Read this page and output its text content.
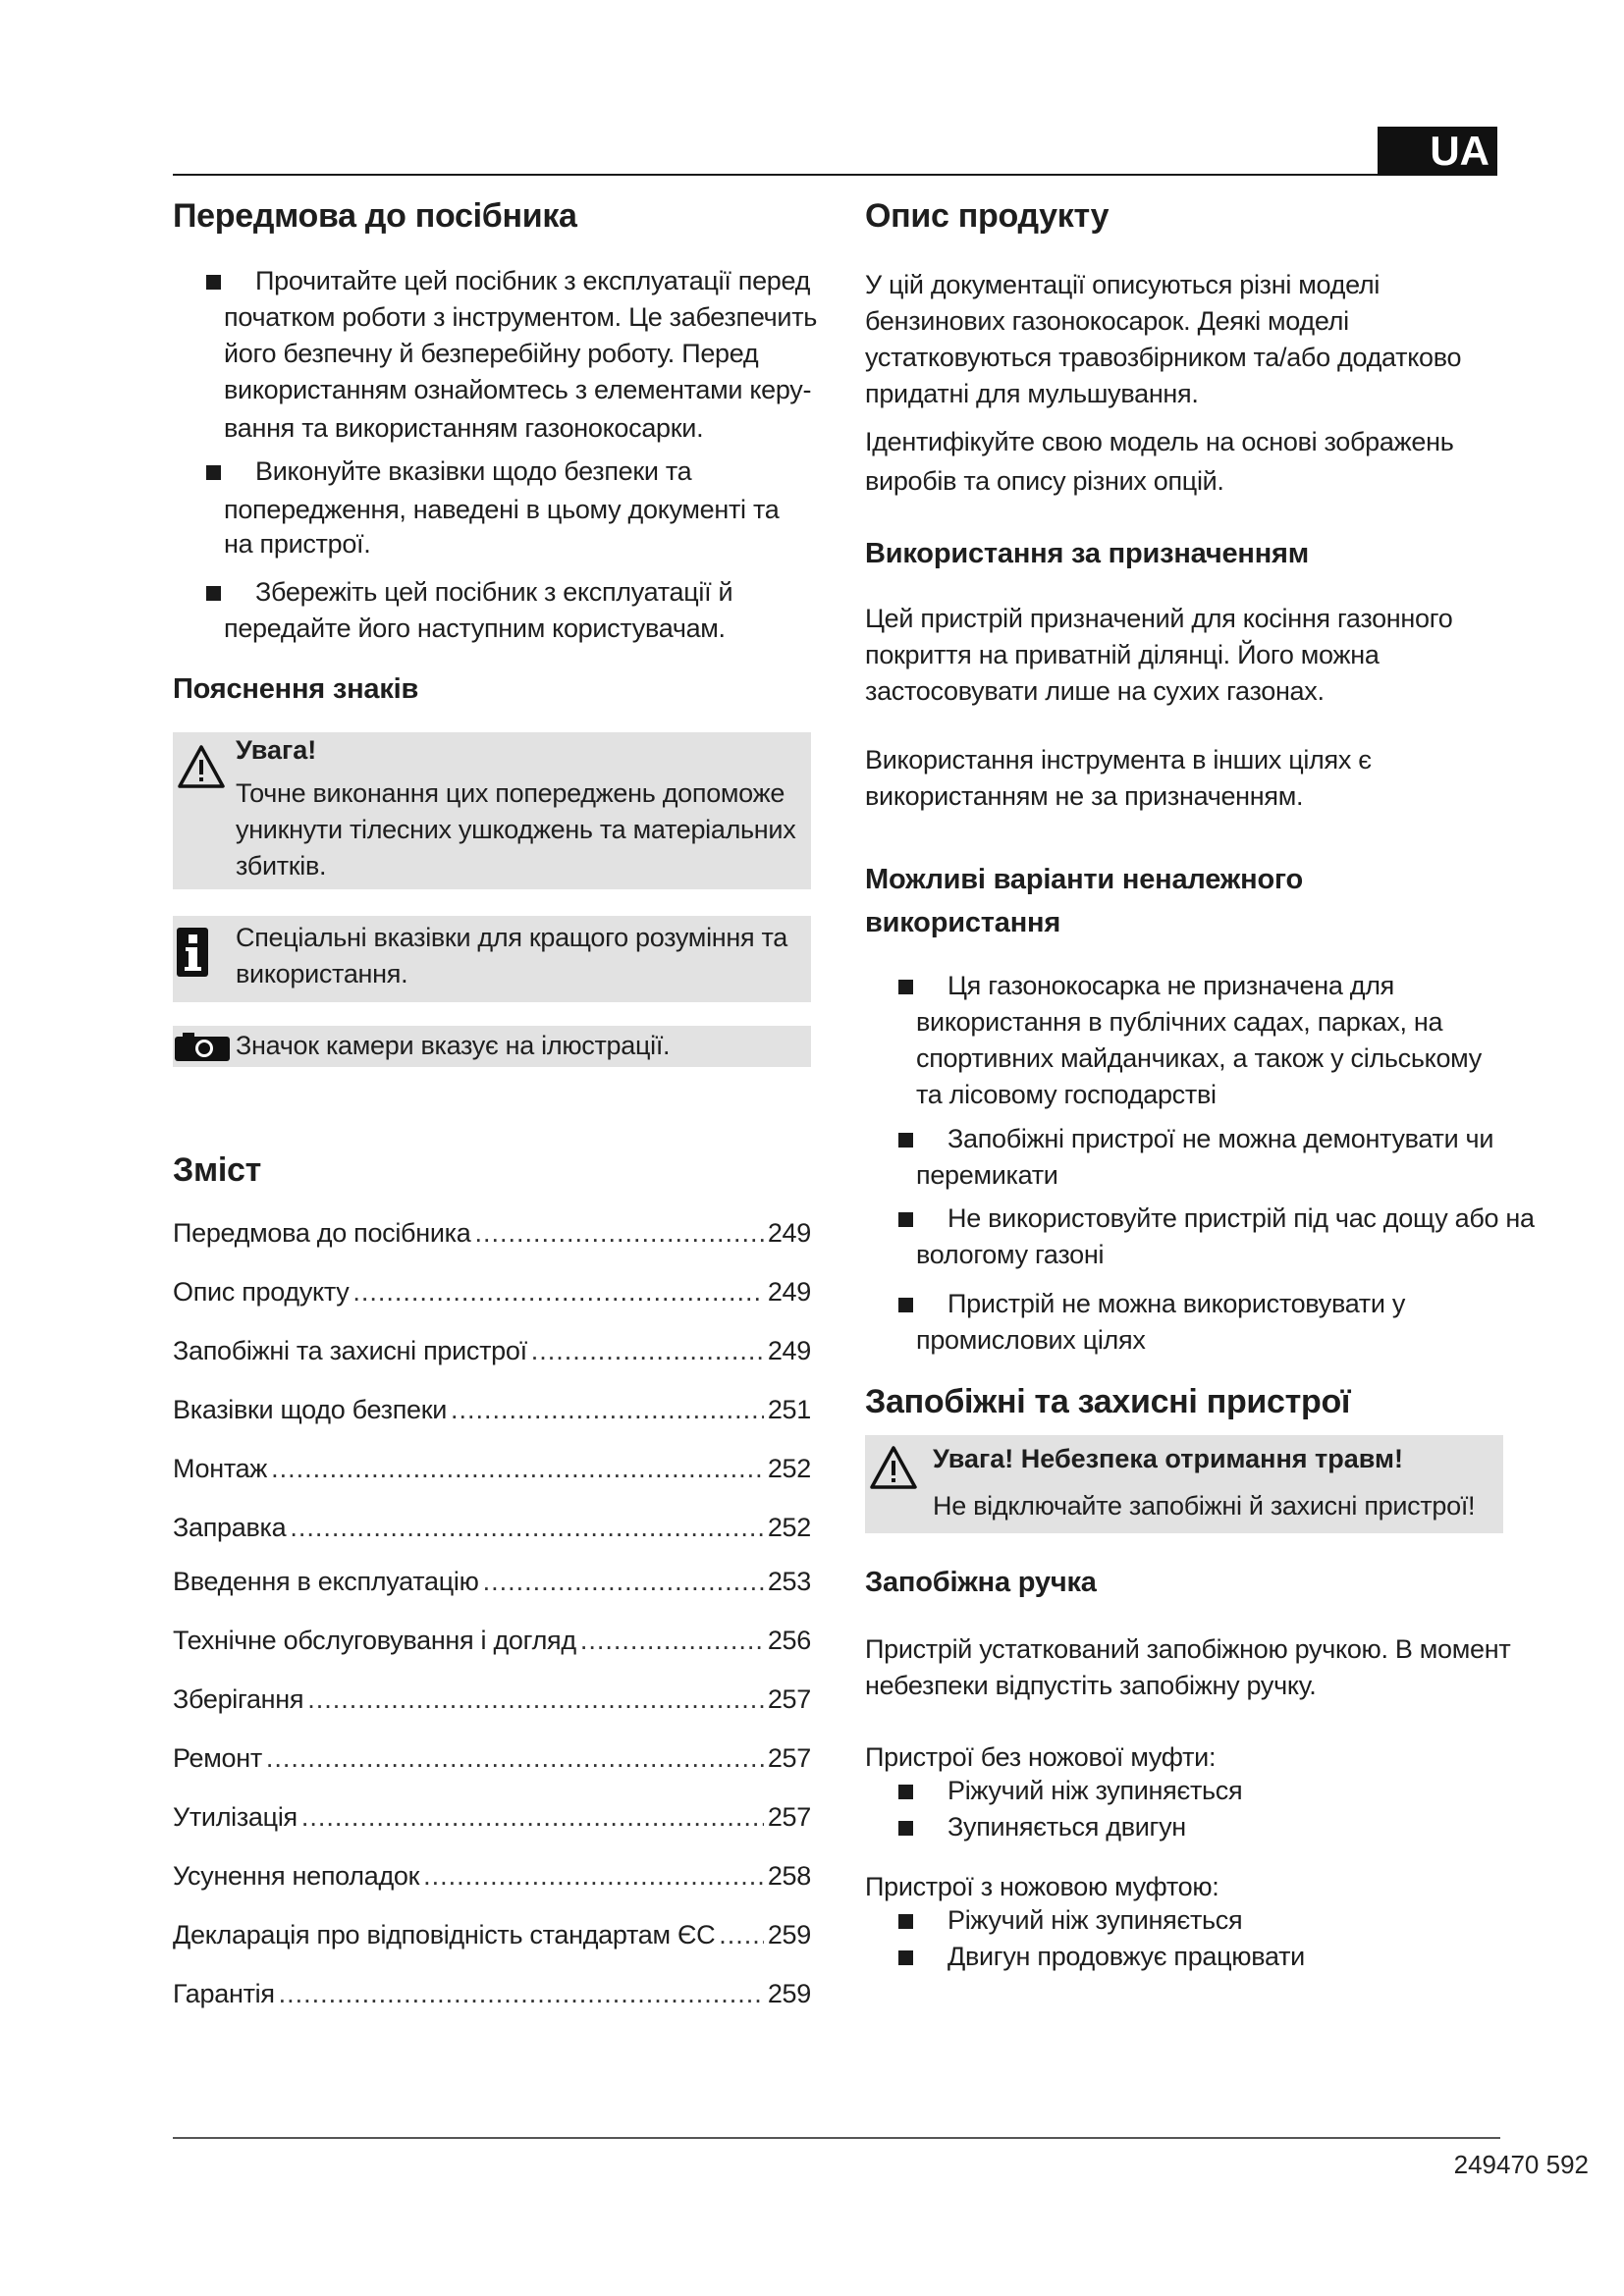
UA
Передмова до посібника
Прочитайте цей посібник з експлуатації перед
початком роботи з інструментом. Це забезпечить
його безпечну й безперебійну роботу. Перед
використанням ознайомтесь з елементами керу-
вання та використанням газонокосарки.
Виконуйте вказівки щодо безпеки та
попередження, наведені в цьому документі та
на пристрої.
Збережіть цей посібник з експлуатації й
передайте його наступним користувачам.
Пояснення знаків
Увага!
Точне виконання цих попереджень допоможе
уникнути тілесних ушкоджень та матеріальних
збитків.
Спеціальні вказівки для кращого розуміння та
використання.
Значок камери вказує на ілюстрації.
Зміст
Передмова до посібника .....	249
Опис продукту .....	249
Запобіжні та захисні пристрої .....	249
Вказівки щодо безпеки .....	251
Монтаж .....	252
Заправка .....	252
Введення в експлуатацію .....	253
Технічне обслуговування і догляд .....	256
Зберігання .....	257
Ремонт .....	257
Утилізація .....	257
Усунення неполадок .....	258
Декларація про відповідність стандартам ЄС ..... 259
Гарантія .....	259
Опис продукту
У цій документації описуються різні моделі
бензинових газонокосарок. Деякі моделі
устатковуються травозбірником та/або додатково
придатні для мульшування.
Ідентифікуйте свою модель на основі зображень
виробів та опису різних опцій.
Використання за призначенням
Цей пристрій призначений для косіння газонного
покриття на приватній ділянці. Його можна
застосовувати лише на сухих газонах.
Використання інструмента в інших цілях є
використанням не за призначенням.
Можливі варіанти неналежного
використання
Ця газонокосарка не призначена для
використання в публічних садах, парках, на
спортивних майданчиках, а також у сільському
та лісовому господарстві
Запобіжні пристрої не можна демонтувати чи
перемикати
Не використовуйте пристрій під час дощу або на
вологому газоні
Пристрій не можна використовувати у
промислових цілях
Запобіжні та захисні пристрої
Увага! Небезпека отримання травм!
Не відключайте запобіжні й захисні пристрої!
Запобіжна ручка
Пристрій устаткований запобіжною ручкою. В момент
небезпеки відпустіть запобіжну ручку.
Пристрої без ножової муфти:
Ріжучий ніж зупиняється
Зупиняється двигун
Пристрої з ножовою муфтою:
Ріжучий ніж зупиняється
Двигун продовжує працювати
249470 592
